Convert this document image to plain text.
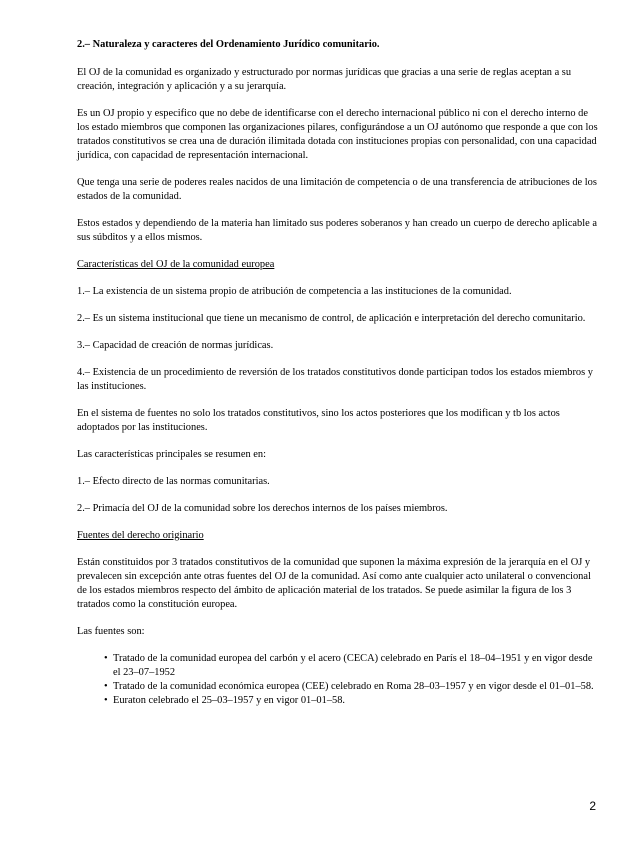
2.– Naturaleza y caracteres del Ordenamiento Jurídico comunitario.

El OJ de la comunidad es organizado y estructurado por normas jurídicas que gracias a una serie de reglas aceptan a su creación, integración y aplicación y a su jerarquía.

Es un OJ propio y especifico que no debe de identificarse con el derecho internacional público ni con el derecho interno de los estado miembros que componen las organizaciones pilares, configurándose a un OJ autónomo que responde a que con los tratados constitutivos se crea una de duración ilimitada dotada con instituciones propias con personalidad, con una capacidad jurídica, con capacidad de representación internacional.

Que tenga una serie de poderes reales nacidos de una limitación de competencia o de una transferencia de atribuciones de los estados de la comunidad.

Estos estados y dependiendo de la materia han limitado sus poderes soberanos y han creado un cuerpo de derecho aplicable a sus súbditos y a ellos mismos.

Características del OJ de la comunidad europea

1.– La existencia de un sistema propio de atribución de competencia a las instituciones de la comunidad.

2.– Es un sistema institucional que tiene un mecanismo de control, de aplicación e interpretación del derecho comunitario.

3.– Capacidad de creación de normas jurídicas.

4.– Existencia de un procedimiento de reversión de los tratados constitutivos donde participan todos los estados miembros y las instituciones.

En el sistema de fuentes no solo los tratados constitutivos, sino los actos posteriores que los modifican y tb los actos adoptados por las instituciones.

Las características principales se resumen en:

1.– Efecto directo de las normas comunitarias.

2.– Primacía del OJ de la comunidad sobre los derechos internos de los países miembros.

Fuentes del derecho originario

Están constituidos por 3 tratados constitutivos de la comunidad que suponen la máxima expresión de la jerarquía en el OJ y prevalecen sin excepción ante otras fuentes del OJ de la comunidad. Así como ante cualquier acto unilateral o convencional de los estados miembros respecto del ámbito de aplicación material de los tratados. Se puede asimilar la figura de los 3 tratados como la constitución europea.

Las fuentes son:

• Tratado de la comunidad europea del carbón y el acero (CECA) celebrado en París el 18–04–1951 y en vigor desde el 23–07–1952
• Tratado de la comunidad económica europea (CEE) celebrado en Roma 28–03–1957 y en vigor desde el 01–01–58.
• Euraton celebrado el 25–03–1957 y en vigor 01–01–58.
2
